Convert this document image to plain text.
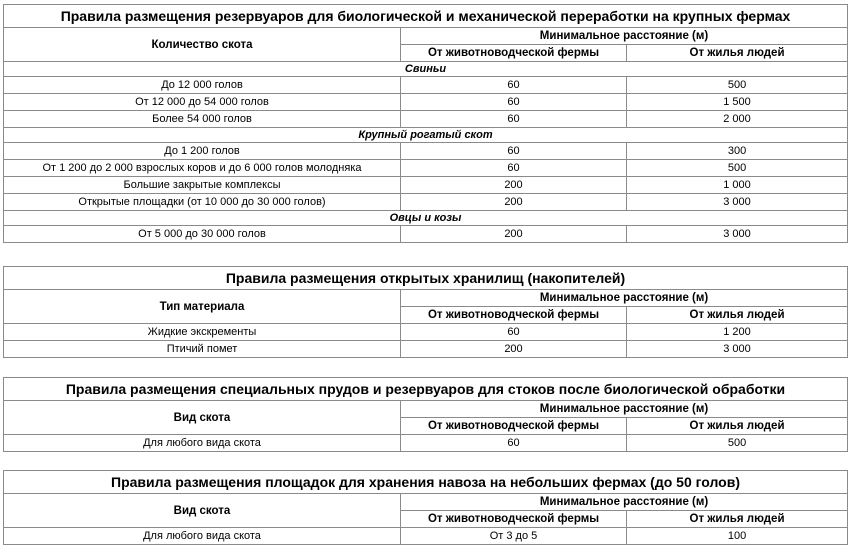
Правила размещения резервуаров для биологической и механической переработки на крупных фермах		
Количество скота	Минимальное расстояние (м)	
	От животноводческой фермы	От жилья людей
Свиньи		
До 12 000 голов	60	500
От 12 000 до 54 000 голов	60	1 500
Более 54 000 голов	60	2 000
Крупный рогатый скот		
До 1 200 голов	60	300
От 1 200 до 2 000 взрослых коров и до 6 000 голов молодняка	60	500
Большие закрытые комплексы	200	1 000
Открытые площадки (от 10 000 до 30 000 голов)	200	3 000
Овцы и козы		
От 5 000 до 30 000 голов	200	3 000
Правила размещения открытых хранилищ (накопителей)		
Тип материала	Минимальное расстояние (м)	
	От животноводческой фермы	От жилья людей
Жидкие экскременты	60	1 200
Птичий помет	200	3 000
Правила размещения специальных прудов и резервуаров для стоков после биологической обработки		
Вид скота	Минимальное расстояние (м)	
	От животноводческой фермы	От жилья людей
Для любого вида скота	60	500
Правила размещения площадок для хранения навоза на небольших фермах (до 50 голов)		
Вид скота	Минимальное расстояние (м)	
	От животноводческой фермы	От жилья людей
Для любого вида скота	От 3 до 5	100
